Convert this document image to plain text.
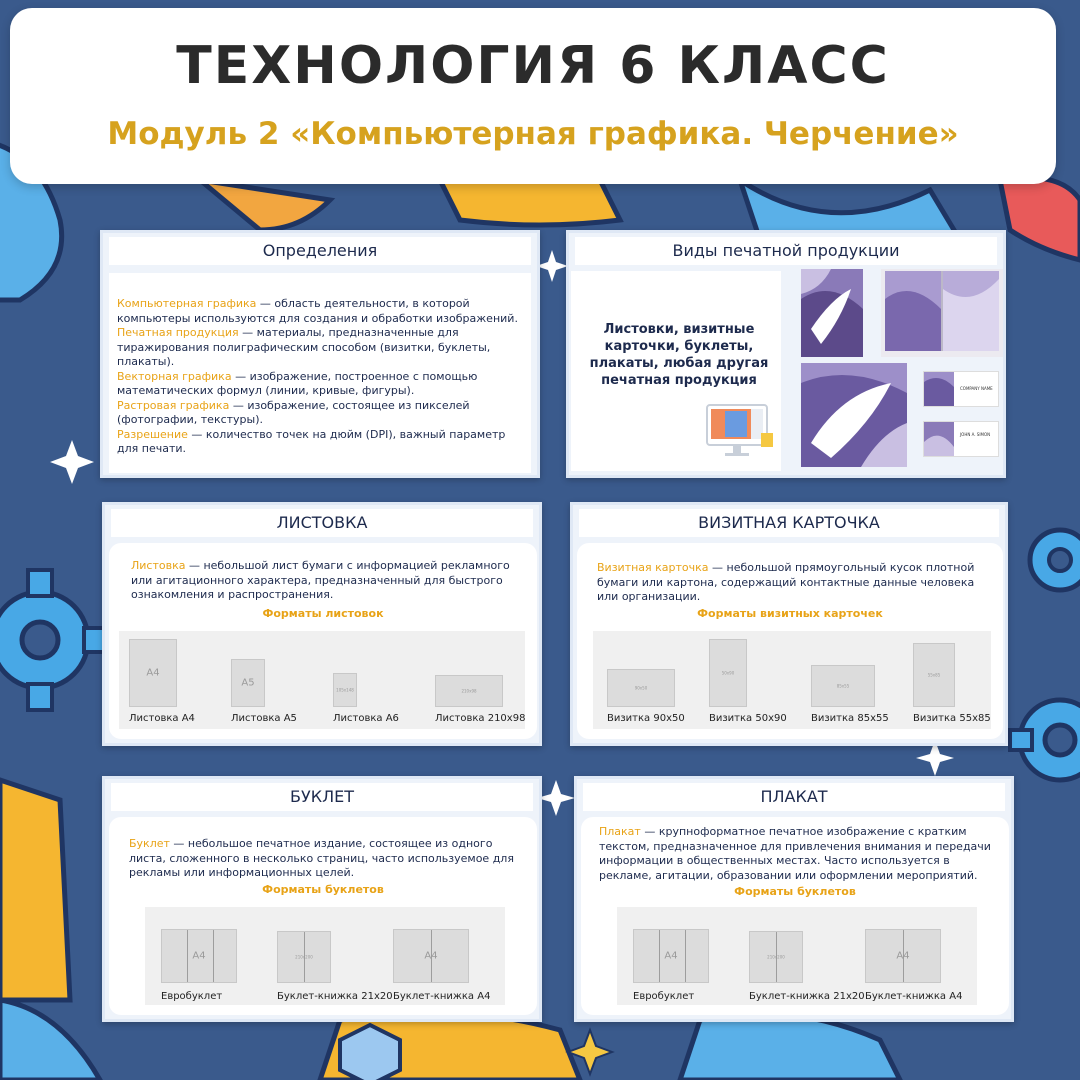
ТЕХНОЛОГИЯ 6 КЛАСС
Модуль 2 «Компьютерная графика. Черчение»
Определения
Компьютерная графика — область деятельности, в которой компьютеры используются для создания и обработки изображений.
Печатная продукция — материалы, предназначенные для тиражирования полиграфическим способом (визитки, буклеты, плакаты).
Векторная графика — изображение, построенное с помощью математических формул (линии, кривые, фигуры).
Растровая графика — изображение, состоящее из пикселей (фотографии, текстуры).
Разрешение — количество точек на дюйм (DPI), важный параметр для печати.
Виды печатной продукции
Листовки, визитные карточки, буклеты, плакаты, любая другая печатная продукция
COMPANY NAME
JOHN A. SIMON
ЛИСТОВКА
Листовка — небольшой лист бумаги с информацией рекламного или агитационного характера, предназначенный для быстрого ознакомления и распространения.
Форматы листовок
A4
A5
105x148	210x98
Листовка A4	Листовка A5	Листовка A6	Листовка 210x98
ВИЗИТНАЯ КАРТОЧКА
Визитная карточка — небольшой прямоугольный кусок плотной бумаги или картона, содержащий контактные данные человека или организации.
Форматы визитных карточек
90x50
50x90
85x55
55x85
Визитка 90x50 Визитка 50x90 Визитка 85x55 Визитка 55x85
БУКЛЕТ
Буклет — небольшое печатное издание, состоящее из одного листа, сложенного в несколько страниц, часто используемое для рекламы или информационных целей.
Форматы буклетов
A4	210x200	A4
Евробуклет	Буклет-книжка 21x20 Буклет-книжка A4
ПЛАКАТ
Плакат — крупноформатное печатное изображение с кратким текстом, предназначенное для привлечения внимания и передачи информации в общественных местах. Часто используется в рекламе, агитации, образовании или оформлении мероприятий.
Форматы буклетов
A4	210x200	A4
Евробуклет	Буклет-книжка 21x20 Буклет-книжка A4
